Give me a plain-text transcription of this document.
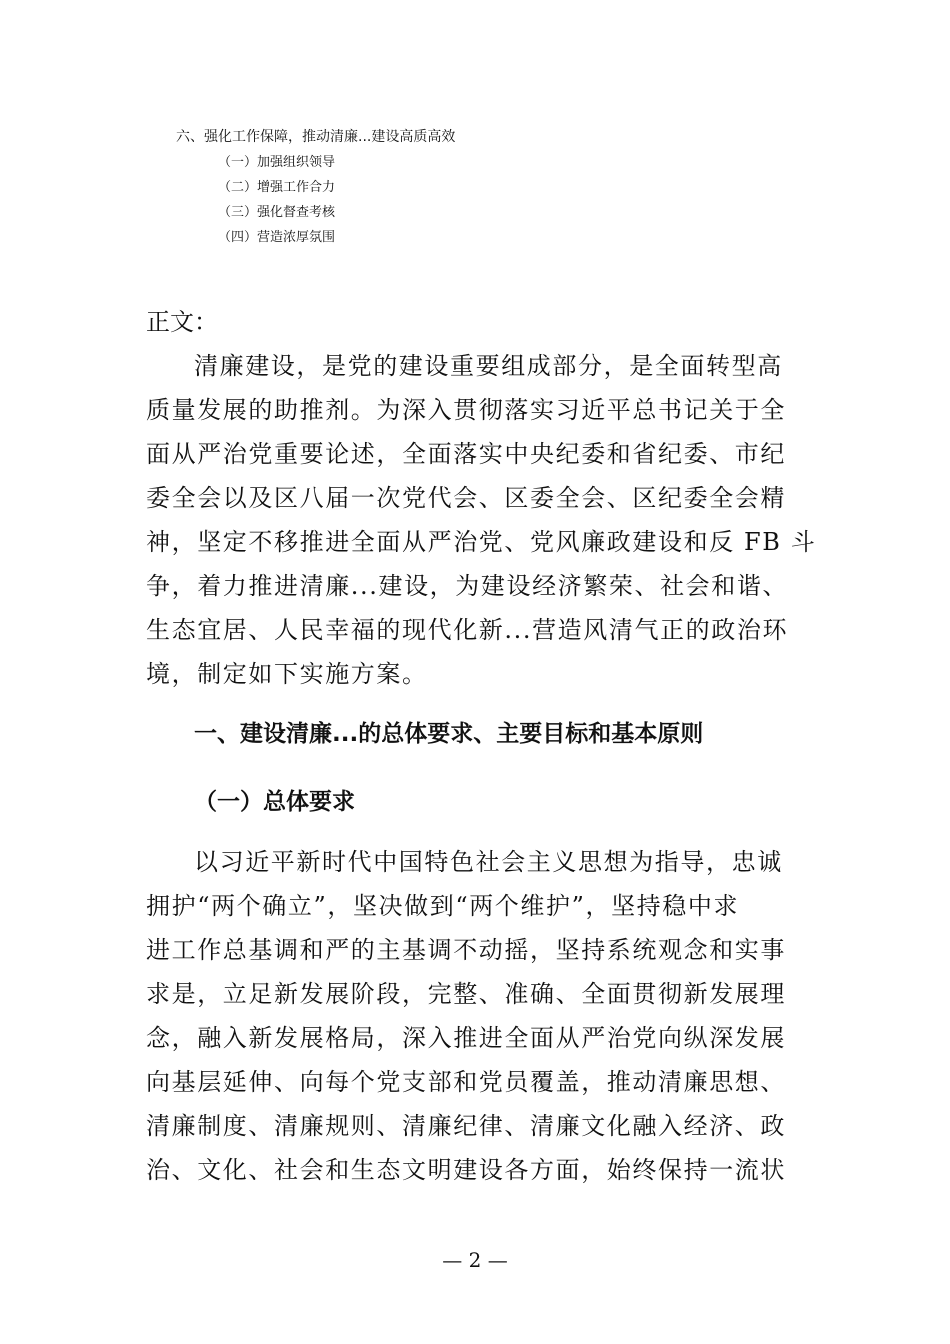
六、强化工作保障，推动清廉...建设高质高效
（一）加强组织领导
（二）增强工作合力
（三）强化督查考核
（四）营造浓厚氛围
正文：
清廉建设，是党的建设重要组成部分，是全面转型高
质量发展的助推剂。为深入贯彻落实习近平总书记关于全
面从严治党重要论述，全面落实中央纪委和省纪委、市纪
委全会以及区八届一次党代会、区委全会、区纪委全会精
神，坚定不移推进全面从严治党、党风廉政建设和反 FB 斗
争，着力推进清廉...建设，为建设经济繁荣、社会和谐、
生态宜居、人民幸福的现代化新...营造风清气正的政治环
境，制定如下实施方案。
一、建设清廉...的总体要求、主要目标和基本原则
（一）总体要求
以习近平新时代中国特色社会主义思想为指导，忠诚
拥护“两个确立”，坚决做到“两个维护”，坚持稳中求
进工作总基调和严的主基调不动摇，坚持系统观念和实事
求是，立足新发展阶段，完整、准确、全面贯彻新发展理
念，融入新发展格局，深入推进全面从严治党向纵深发展
向基层延伸、向每个党支部和党员覆盖，推动清廉思想、
清廉制度、清廉规则、清廉纪律、清廉文化融入经济、政
治、文化、社会和生态文明建设各方面，始终保持一流状
— 2 —
